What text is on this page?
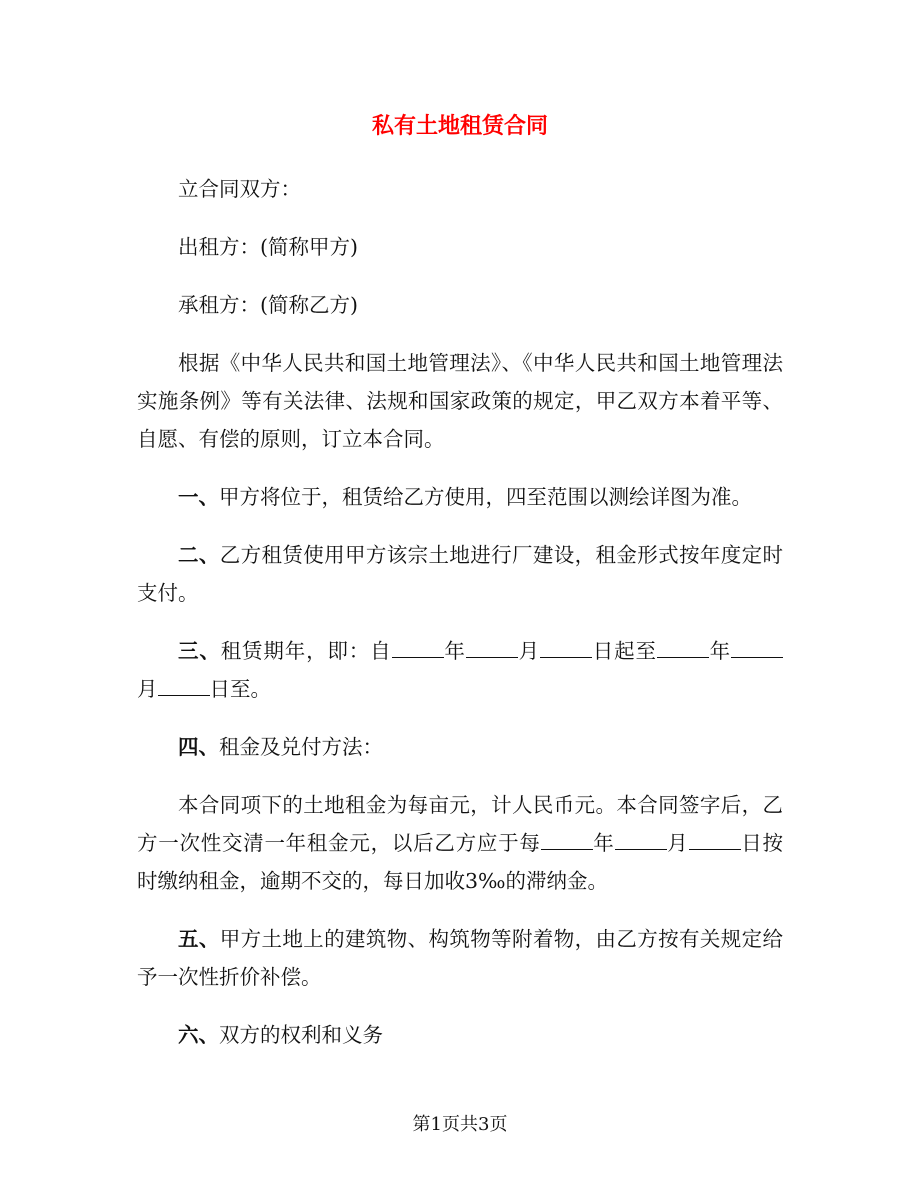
私有土地租赁合同

立合同双方：

出租方：(简称甲方)

承租方：(简称乙方)

根据《中华人民共和国土地管理法》、《中华人民共和国土地管理法实施条例》等有关法律、法规和国家政策的规定，甲乙双方本着平等、自愿、有偿的原则，订立本合同。

一、甲方将位于，租赁给乙方使用，四至范围以测绘详图为准。

二、乙方租赁使用甲方该宗土地进行厂建设，租金形式按年度定时支付。

三、租赁期年，即：自	年	月	日起至	年月	日至。

四、租金及兑付方法：

本合同项下的土地租金为每亩元，计人民币元。本合同签字后，乙方一次性交清一年租金元，以后乙方应于每	年	月	日按时缴纳租金，逾期不交的，每日加收3‰的滞纳金。

五、甲方土地上的建筑物、构筑物等附着物，由乙方按有关规定给予一次性折价补偿。

六、双方的权利和义务

第1页共3页
